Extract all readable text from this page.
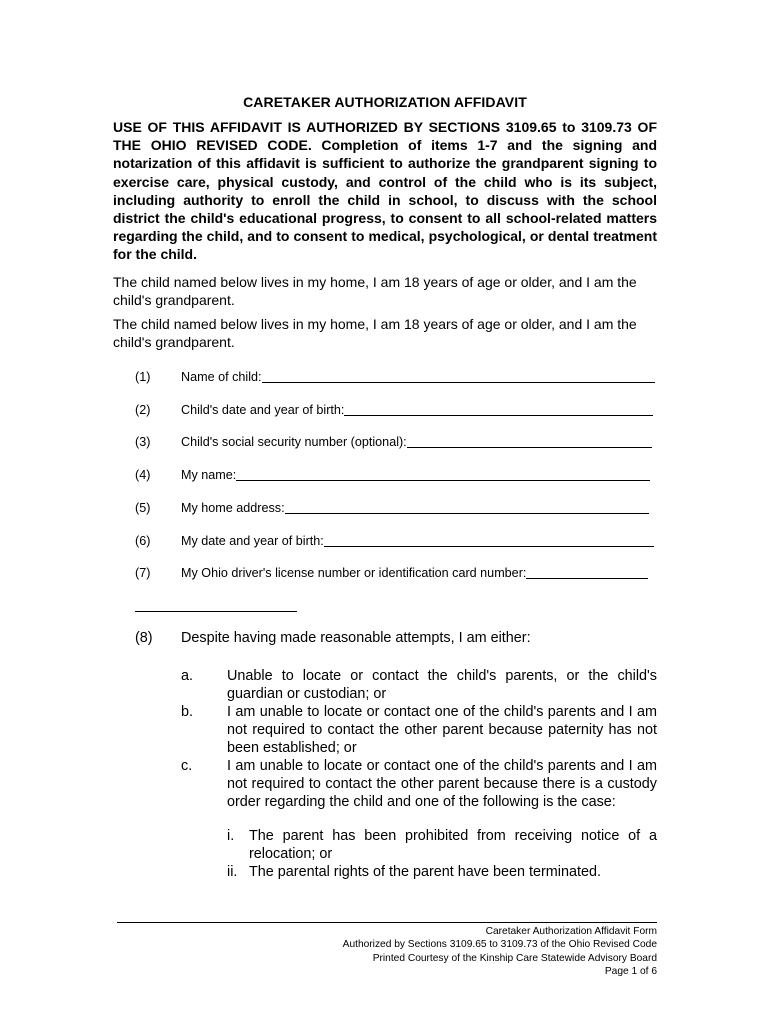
CARETAKER AUTHORIZATION AFFIDAVIT
USE OF THIS AFFIDAVIT IS AUTHORIZED BY SECTIONS 3109.65 to 3109.73 OF THE OHIO REVISED CODE. Completion of items 1-7 and the signing and notarization of this affidavit is sufficient to authorize the grandparent signing to exercise care, physical custody, and control of the child who is its subject, including authority to enroll the child in school, to discuss with the school district the child's educational progress, to consent to all school-related matters regarding the child, and to consent to medical, psychological, or dental treatment for the child.
The child named below lives in my home, I am 18 years of age or older, and I am the child's grandparent.
The child named below lives in my home, I am 18 years of age or older, and I am the child's grandparent.
(1)	Name of child:
(2)	Child's date and year of birth:
(3)	Child's social security number (optional):
(4)	My name:
(5)	My home address:
(6)	My date and year of birth:
(7)	My Ohio driver's license number or identification card number:
(8) Despite having made reasonable attempts, I am either:
a. Unable to locate or contact the child's parents, or the child's guardian or custodian; or
b. I am unable to locate or contact one of the child's parents and I am not required to contact the other parent because paternity has not been established; or
c. I am unable to locate or contact one of the child's parents and I am not required to contact the other parent because there is a custody order regarding the child and one of the following is the case:
i. The parent has been prohibited from receiving notice of a relocation; or
ii. The parental rights of the parent have been terminated.
Caretaker Authorization Affidavit Form
Authorized by Sections 3109.65 to 3109.73 of the Ohio Revised Code
Printed Courtesy of the Kinship Care Statewide Advisory Board
Page 1 of 6
